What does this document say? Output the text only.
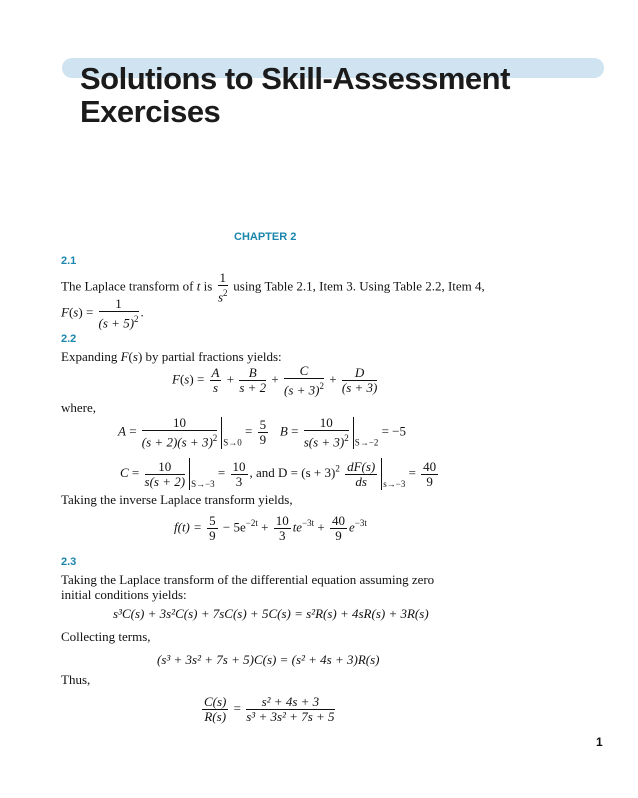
Solutions to Skill-Assessment
Exercises
CHAPTER 2
2.1
The Laplace transform of t is $\frac{1}{s^2}$ using Table 2.1, Item 3. Using Table 2.2, Item 4,
$F(s) = \frac{1}{(s + 5)^2}$ .
2.2
Expanding F(s) by partial fractions yields:
$F(s) = \frac{A}{s} + \frac{B}{s + 2} + \frac{C}{(s + 3)^2} + \frac{D}{(s + 3)}$
where,
$A = \frac{10}{(s + 2)(s + 3)^2} _{S\to 0} = \frac{5}{9}$ $B = \frac{10}{s(s + 3)^2} _{S\to-2} = -5$
$C = \frac{10}{s(s + 2)} _{S\to-3} = \frac{10}{3}$ , and $D = (s + 3)^2 \frac{dF(s)}{ds} _{s\to-3} = \frac{40}{9}$
Taking the inverse Laplace transform yields,
$f(t) = \frac{5}{9} - 5e^{-2t} + \frac{10}{3} te^{-3t} + \frac{40}{9} e^{-3t}$
2.3
Taking the Laplace transform of the differential equation assuming zero initial conditions yields:
s³C(s) + 3s²C(s) + 7sC(s) + 5C(s) = s²R(s) + 4sR(s) + 3R(s)
Collecting terms,
(s³ + 3s² + 7s + 5)C(s) = (s² + 4s + 3)R(s)
Thus,
$\frac{C(s)}{R(s)} = \frac{\text{s² + 4s + 3}}{\text{s³ + 3s² + 7s + 5}}$
1
